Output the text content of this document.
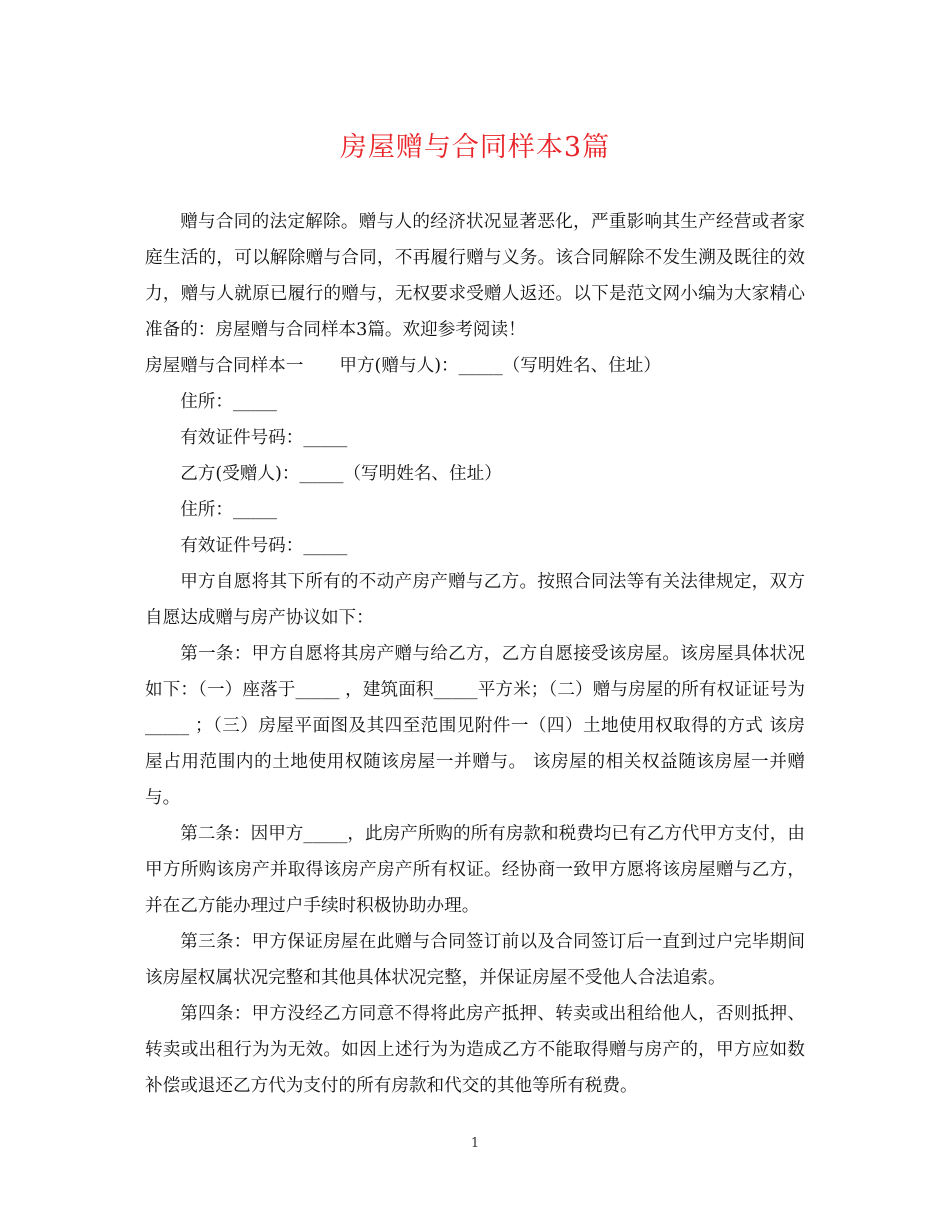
房屋赠与合同样本3篇

赠与合同的法定解除。赠与人的经济状况显著恶化，严重影响其生产经营或者家庭生活的，可以解除赠与合同，不再履行赠与义务。该合同解除不发生溯及既往的效力，赠与人就原已履行的赠与，无权要求受赠人返还。以下是范文网小编为大家精心准备的：房屋赠与合同样本3篇。欢迎参考阅读！

房屋赠与合同样本一 甲方(赠与人)：_____（写明姓名、住址）

住所：_____

有效证件号码：_____

乙方(受赠人)：_____（写明姓名、住址）

住所：_____

有效证件号码：_____

甲方自愿将其下所有的不动产房产赠与乙方。按照合同法等有关法律规定，双方自愿达成赠与房产协议如下：

第一条：甲方自愿将其房产赠与给乙方，乙方自愿接受该房屋。该房屋具体状况如下：（一）座落于_____ ，建筑面积_____平方米；（二）赠与房屋的所有权证证号为_____ ；（三）房屋平面图及其四至范围见附件一（四）土地使用权取得的方式 该房屋占用范围内的土地使用权随该房屋一并赠与。 该房屋的相关权益随该房屋一并赠与。

第二条：因甲方_____，此房产所购的所有房款和税费均已有乙方代甲方支付，由甲方所购该房产并取得该房产房产所有权证。经协商一致甲方愿将该房屋赠与乙方，并在乙方能办理过户手续时积极协助办理。

第三条：甲方保证房屋在此赠与合同签订前以及合同签订后一直到过户完毕期间该房屋权属状况完整和其他具体状况完整，并保证房屋不受他人合法追索。

第四条：甲方没经乙方同意不得将此房产抵押、转卖或出租给他人，否则抵押、转卖或出租行为为无效。如因上述行为为造成乙方不能取得赠与房产的，甲方应如数补偿或退还乙方代为支付的所有房款和代交的其他等所有税费。

1
